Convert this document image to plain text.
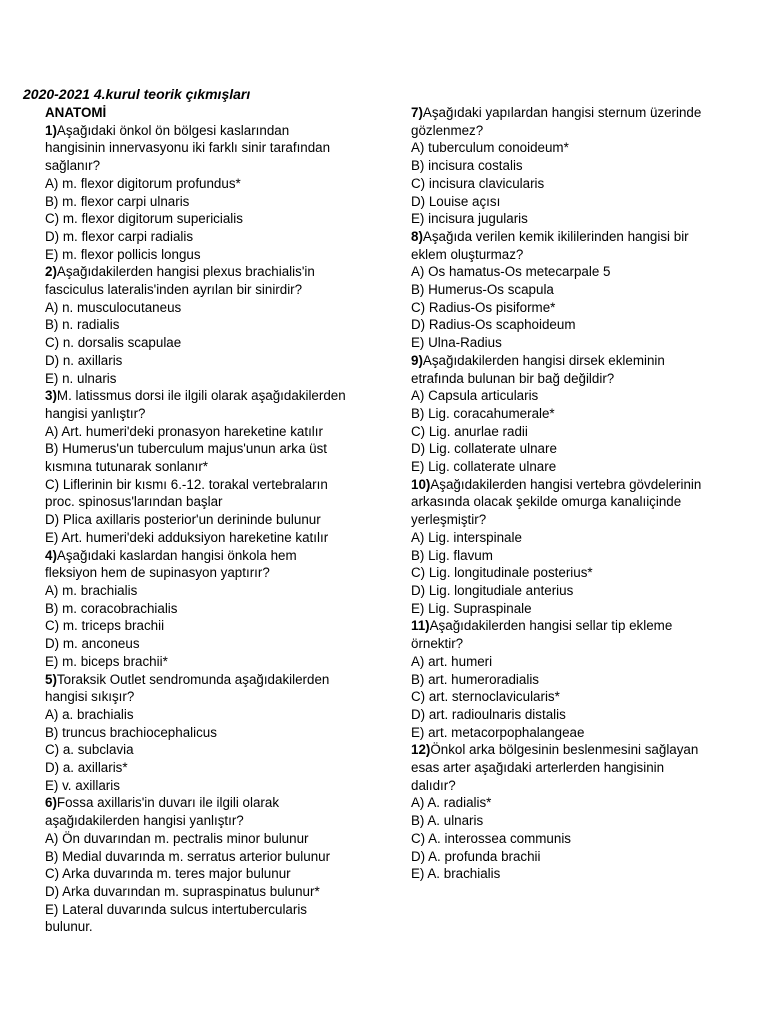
2020-2021 4.kurul teorik çıkmışları
ANATOMİ
1)Aşağıdaki önkol ön bölgesi kaslarından
hangisinin innervasyonu iki farklı sinir tarafından
sağlanır?
A) m. flexor digitorum profundus*
B) m. flexor carpi ulnaris
C) m. flexor digitorum supericialis
D) m. flexor carpi radialis
E) m. flexor pollicis longus
2)Aşağıdakilerden hangisi plexus brachialis'in
fasciculus lateralis'inden ayrılan bir sinirdir?
A) n. musculocutaneus
B) n. radialis
C) n. dorsalis scapulae
D) n. axillaris
E) n. ulnaris
3)M. latissmus dorsi ile ilgili olarak aşağıdakilerden
hangisi yanlıştır?
A) Art. humeri'deki pronasyon hareketine katılır
B) Humerus'un tuberculum majus'unun arka üst
kısmına tutunarak sonlanır*
C) Liflerinin bir kısmı 6.-12. torakal vertebraların
proc. spinosus'larından başlar
D) Plica axillaris posterior'un derininde bulunur
E) Art. humeri'deki adduksiyon hareketine katılır
4)Aşağıdaki kaslardan hangisi önkola hem
fleksiyon hem de supinasyon yaptırır?
A) m. brachialis
B) m. coracobrachialis
C) m. triceps brachii
D) m. anconeus
E) m. biceps brachii*
5)Toraksik Outlet sendromunda aşağıdakilerden
hangisi sıkışır?
A) a. brachialis
B) truncus brachiocephalicus
C) a. subclavia
D) a. axillaris*
E) v. axillaris
6)Fossa axillaris'in duvarı ile ilgili olarak
aşağıdakilerden hangisi yanlıştır?
A) Ön duvarından m. pectralis minor bulunur
B) Medial duvarında m. serratus arterior bulunur
C) Arka duvarında m. teres major bulunur
D) Arka duvarından m. supraspinatus bulunur*
E) Lateral duvarında sulcus intertubercularis
bulunur.
7)Aşağıdaki yapılardan hangisi sternum üzerinde
gözlenmez?
A) tuberculum conoideum*
B) incisura costalis
C) incisura clavicularis
D) Louise açısı
E) incisura jugularis
8)Aşağıda verilen kemik ikililerinden hangisi bir
eklem oluşturmaz?
A) Os hamatus-Os metecarpale 5
B) Humerus-Os scapula
C) Radius-Os pisiforme*
D) Radius-Os scaphoideum
E) Ulna-Radius
9)Aşağıdakilerden hangisi dirsek ekleminin
etrafında bulunan bir bağ değildir?
A) Capsula articularis
B) Lig. coracahumerale*
C) Lig. anurlae radii
D) Lig. collaterate ulnare
E) Lig. collaterate ulnare
10)Aşağıdakilerden hangisi vertebra gövdelerinin
arkasında olacak şekilde omurga kanalıiçinde
yerleşmiştir?
A) Lig. interspinale
B) Lig. flavum
C) Lig. longitudinale posterius*
D) Lig. longitudiale anterius
E) Lig. Supraspinale
11)Aşağıdakilerden hangisi sellar tip ekleme
örnektir?
A) art. humeri
B) art. humeroradialis
C) art. sternoclavicularis*
D) art. radioulnaris distalis
E) art. metacorpophalangeae
12)Önkol arka bölgesinin beslenmesini sağlayan
esas arter aşağıdaki arterlerden hangisinin
dalıdır?
A) A. radialis*
B) A. ulnaris
C) A. interossea communis
D) A. profunda brachii
E) A. brachialis
